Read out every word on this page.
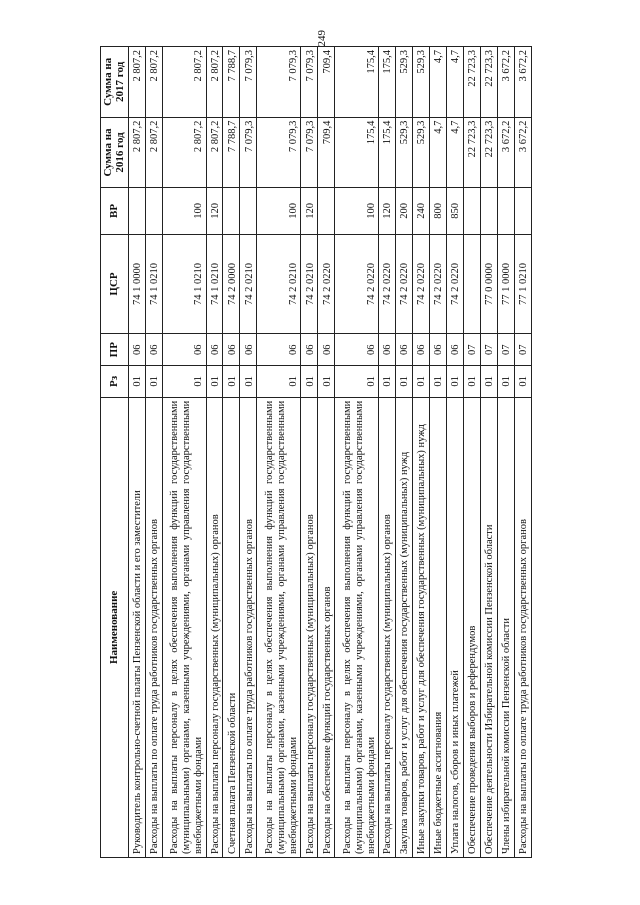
249
Наименование	Рз	ПР	ЦСР	ВР	Сумма на 2016 год	Сумма на 2017 год
Руководитель контрольно-счетной палаты Пензенской области и его заместители	01	06	74 1 0000		2 807,2	2 807,2
Расходы на выплаты по оплате труда работников государственных органов	01	06	74 1 0210		2 807,2	2 807,2
Расходы на выплаты персоналу в целях обеспечения выполнения функций государственными (муниципальными) органами, казенными учреждениями, органами управления государственными внебюджетными фондами	01	06	74 1 0210	100	2 807,2	2 807,2
Расходы на выплаты персоналу государственных (муниципальных) органов	01	06	74 1 0210	120	2 807,2	2 807,2
Счетная палата Пензенской области	01	06	74 2 0000		7 788,7	7 788,7
Расходы на выплаты по оплате труда работников государственных органов	01	06	74 2 0210		7 079,3	7 079,3
Расходы на выплаты персоналу в целях обеспечения выполнения функций государственными (муниципальными) органами, казенными учреждениями, органами управления государственными внебюджетными фондами	01	06	74 2 0210	100	7 079,3	7 079,3
Расходы на выплаты персоналу государственных (муниципальных) органов	01	06	74 2 0210	120	7 079,3	7 079,3
Расходы на обеспечение функций государственных органов	01	06	74 2 0220		709,4	709,4
Расходы на выплаты персоналу в целях обеспечения выполнения функций государственными (муниципальными) органами, казенными учреждениями, органами управления государственными внебюджетными фондами	01	06	74 2 0220	100	175,4	175,4
Расходы на выплаты персоналу государственных (муниципальных) органов	01	06	74 2 0220	120	175,4	175,4
Закупка товаров, работ и услуг для обеспечения государственных (муниципальных) нужд	01	06	74 2 0220	200	529,3	529,3
Иные закупки товаров, работ и услуг для обеспечения государственных (муниципальных) нужд	01	06	74 2 0220	240	529,3	529,3
Иные бюджетные ассигнования	01	06	74 2 0220	800	4,7	4,7
Уплата налогов, сборов и иных платежей	01	06	74 2 0220	850	4,7	4,7
Обеспечение проведения выборов и референдумов	01	07			22 723,3	22 723,3
Обеспечение деятельности Избирательной комиссии Пензенской области	01	07	77 0 0000		22 723,3	22 723,3
Члены избирательной комиссии Пензенской области	01	07	77 1 0000		3 672,2	3 672,2
Расходы на выплаты по оплате труда работников государственных органов	01	07	77 1 0210		3 672,2	3 672,2
